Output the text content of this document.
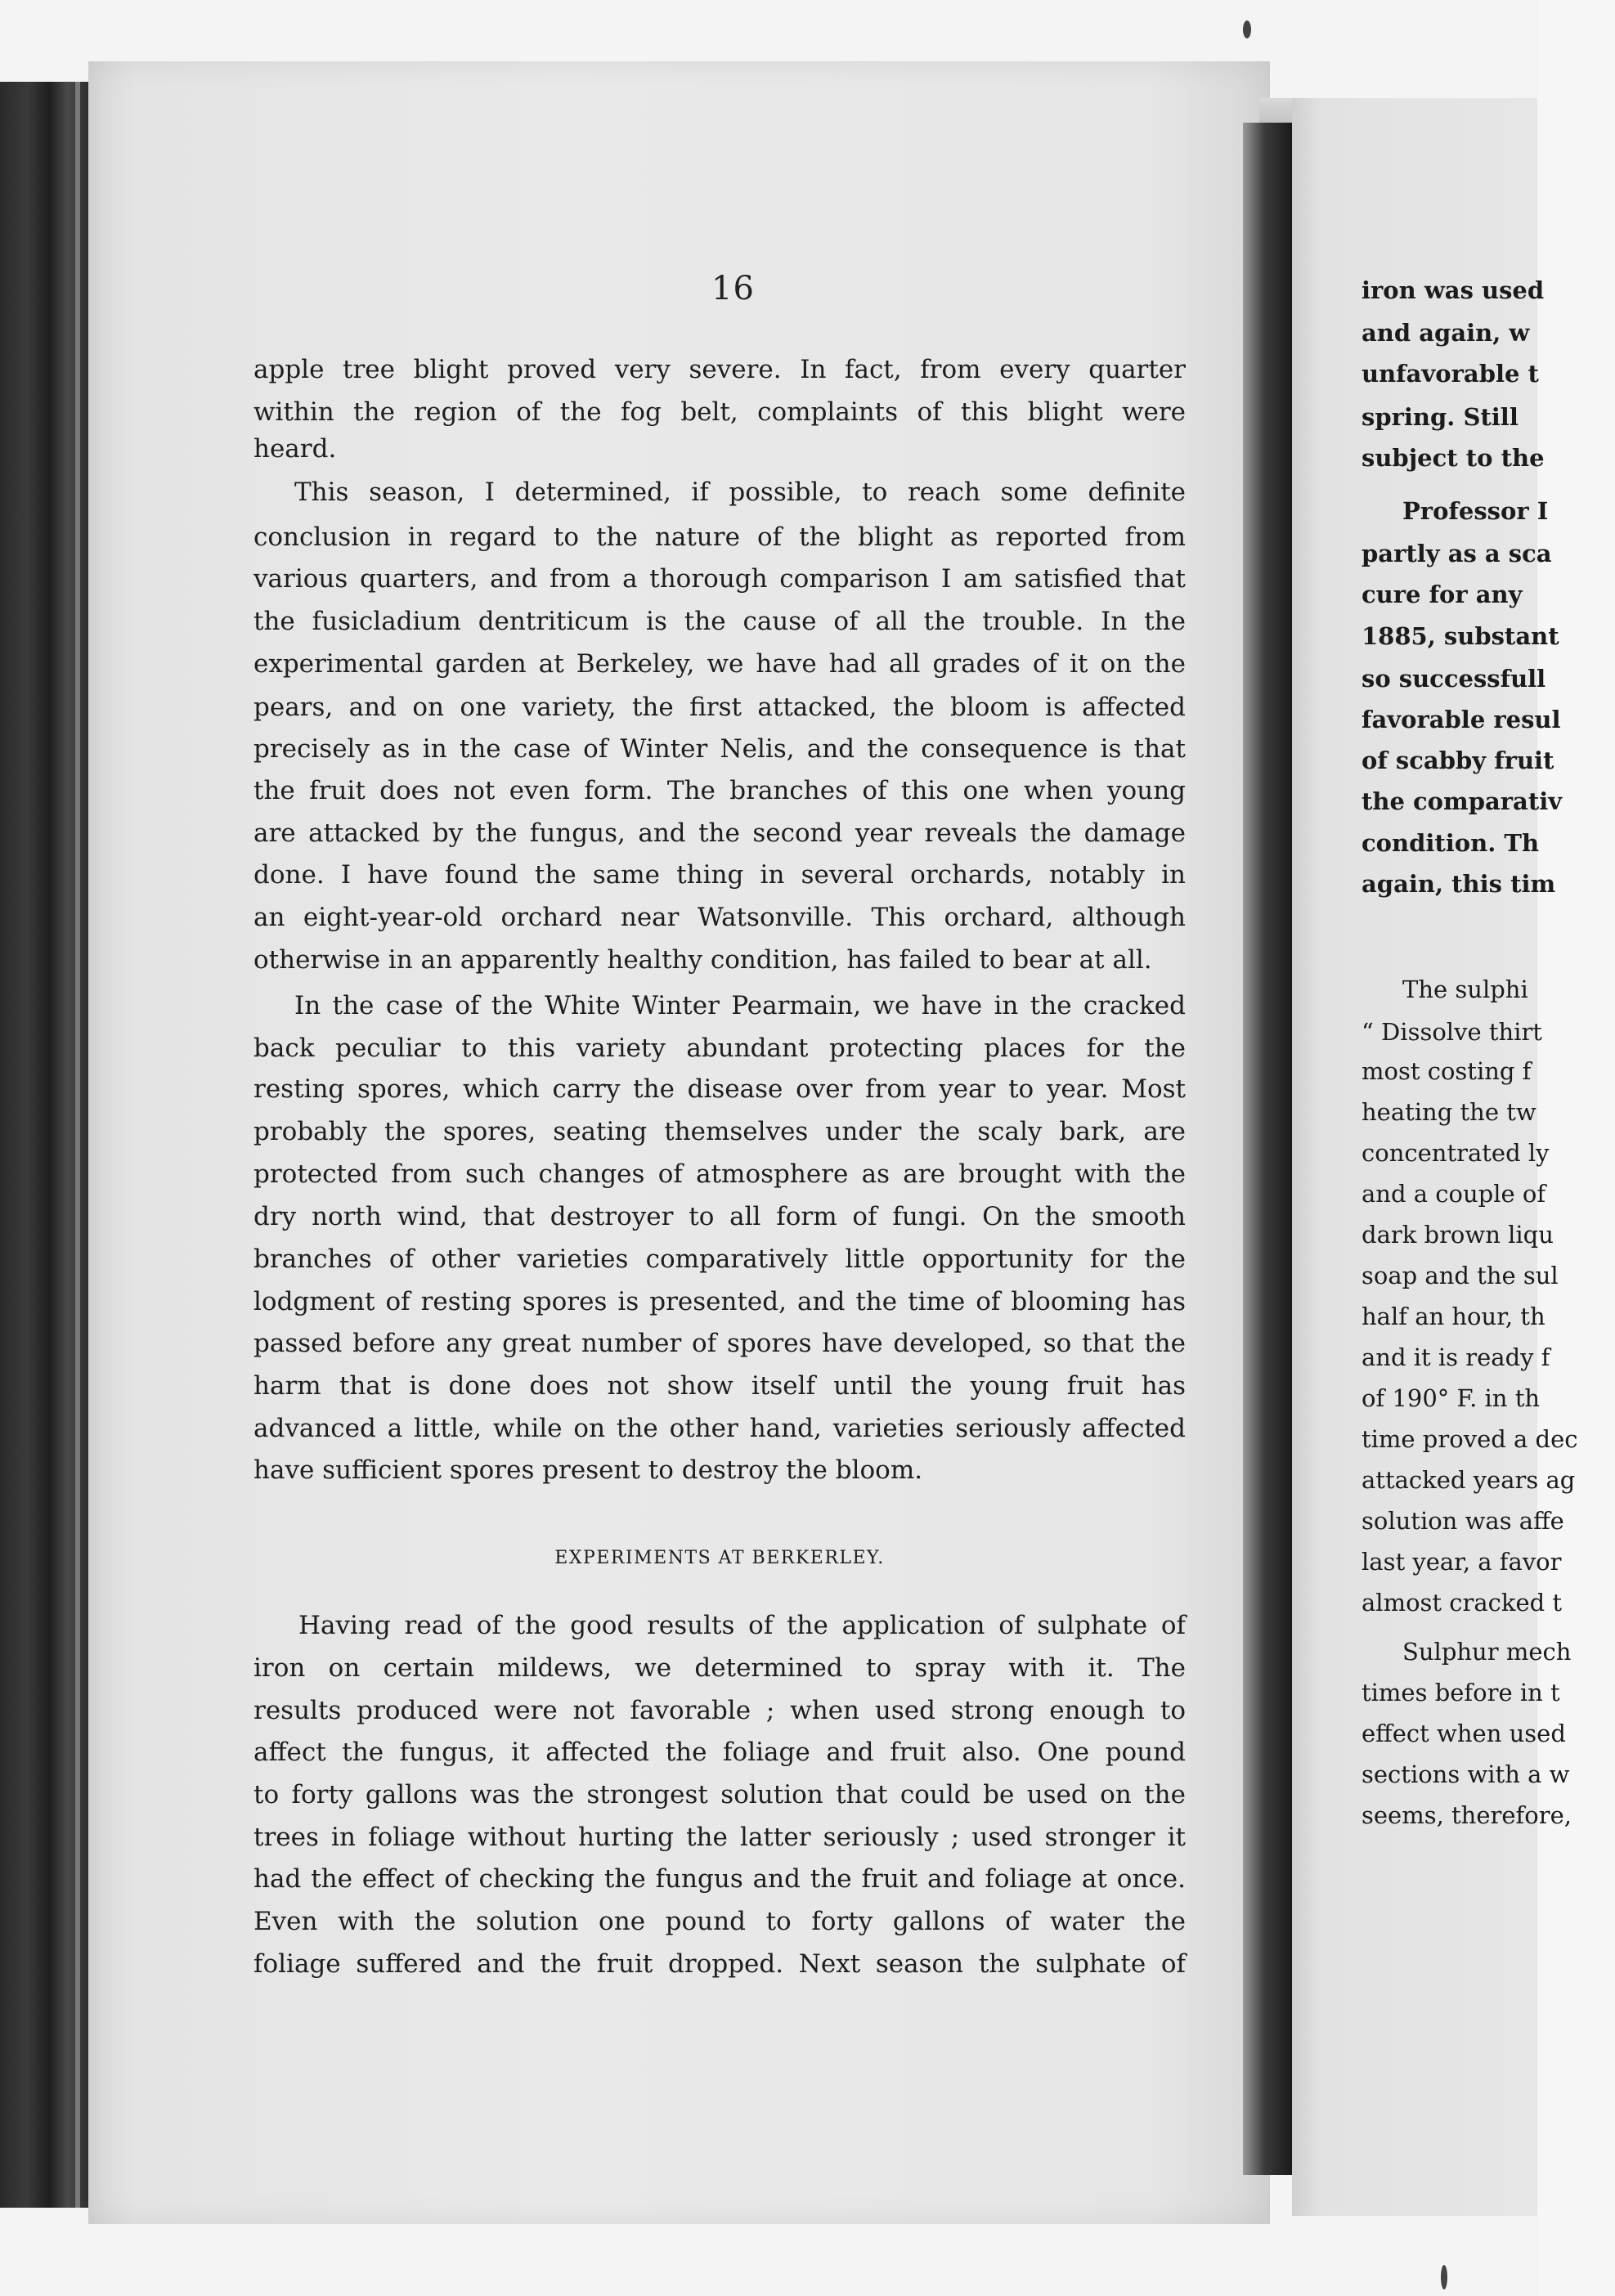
16
apple tree blight proved very severe. In fact, from every quarter
within the region of the fog belt, complaints of this blight were
heard.
This season, I determined, if possible, to reach some definite
conclusion in regard to the nature of the blight as reported from
various quarters, and from a thorough comparison I am satisfied that
the fusicladium dentriticum is the cause of all the trouble. In the
experimental garden at Berkeley, we have had all grades of it on the
pears, and on one variety, the first attacked, the bloom is affected
precisely as in the case of Winter Nelis, and the consequence is that
the fruit does not even form. The branches of this one when young
are attacked by the fungus, and the second year reveals the damage
done. I have found the same thing in several orchards, notably in
an eight-year-old orchard near Watsonville. This orchard, although
otherwise in an apparently healthy condition, has failed to bear at all.
In the case of the White Winter Pearmain, we have in the cracked
back peculiar to this variety abundant protecting places for the
resting spores, which carry the disease over from year to year. Most
probably the spores, seating themselves under the scaly bark, are
protected from such changes of atmosphere as are brought with the
dry north wind, that destroyer to all form of fungi. On the smooth
branches of other varieties comparatively little opportunity for the
lodgment of resting spores is presented, and the time of blooming has
passed before any great number of spores have developed, so that the
harm that is done does not show itself until the young fruit has
advanced a little, while on the other hand, varieties seriously affected
have sufficient spores present to destroy the bloom.
Having read of the good results of the application of sulphate of
iron on certain mildews, we determined to spray with it. The
results produced were not favorable ; when used strong enough to
affect the fungus, it affected the foliage and fruit also. One pound
to forty gallons was the strongest solution that could be used on the
trees in foliage without hurting the latter seriously ; used stronger it
had the effect of checking the fungus and the fruit and foliage at once.
Even with the solution one pound to forty gallons of water the
foliage suffered and the fruit dropped. Next season the sulphate of
EXPERIMENTS AT BERKERLEY.
iron was used
and again, w
unfavorable t
spring. Still
subject to the
Professor I
partly as a sca
cure for any
1885, substant
so successfull
favorable resul
of scabby fruit
the comparativ
condition. Th
again, this tim
The sulphi
“ Dissolve thirt
most costing f
heating the tw
concentrated ly
and a couple of
dark brown liqu
soap and the sul
half an hour, th
and it is ready f
of 190° F. in th
time proved a dec
attacked years ag
solution was affe
last year, a favor
almost cracked t
Sulphur mech
times before in t
effect when used
sections with a w
seems, therefore,
